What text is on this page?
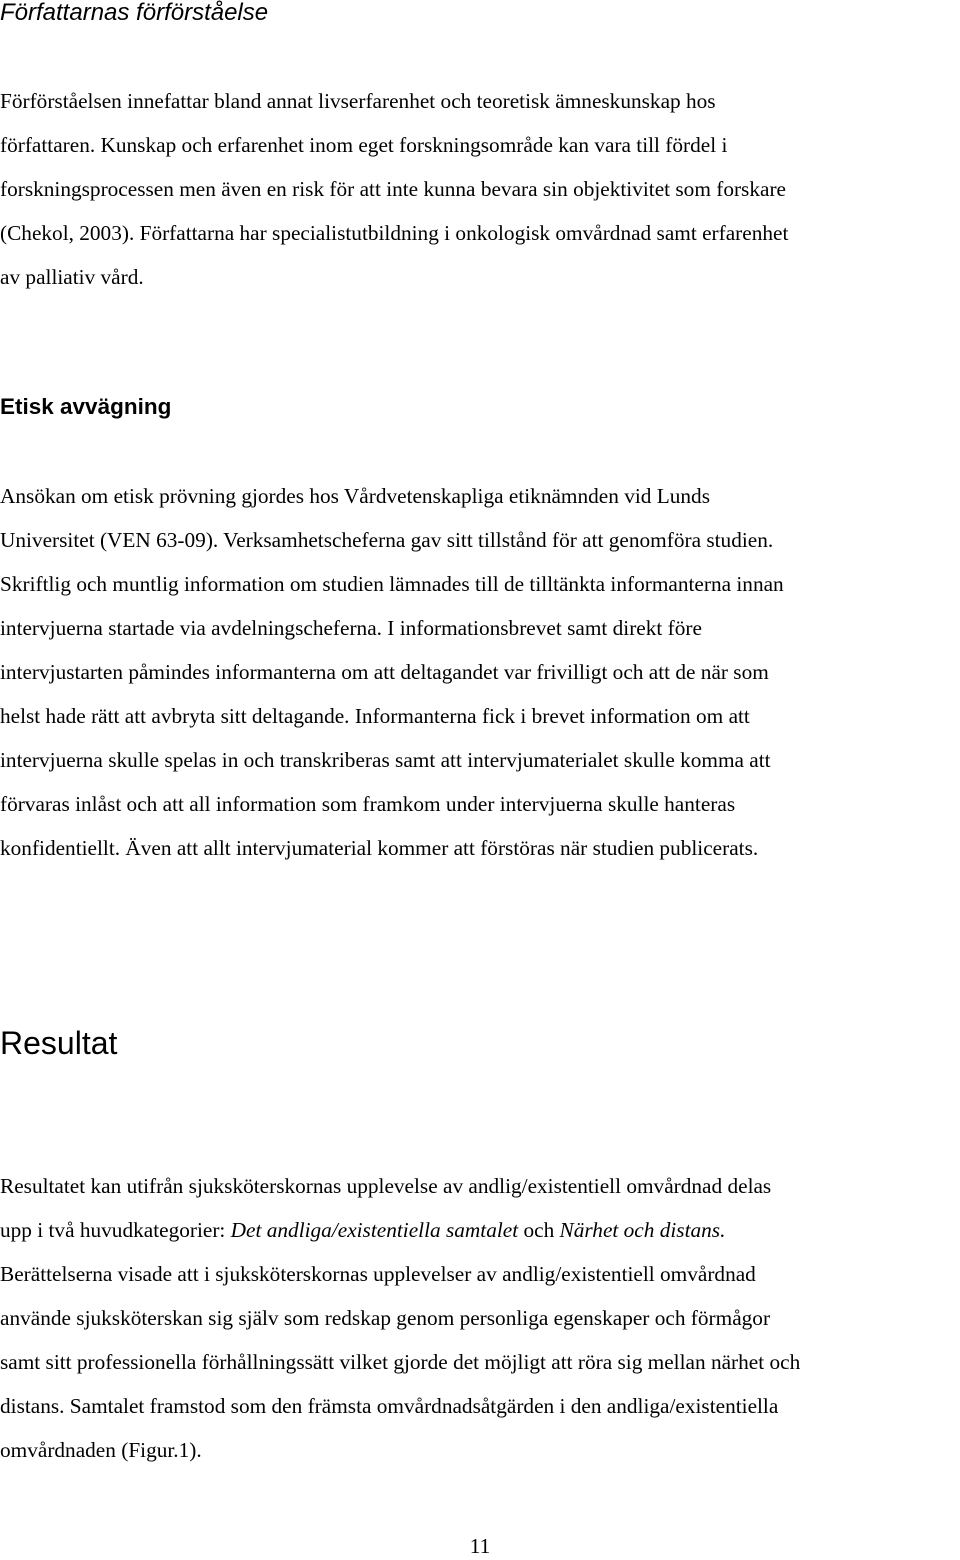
Författarnas förförståelse
Förförståelsen innefattar bland annat livserfarenhet och teoretisk ämneskunskap hos
författaren. Kunskap och erfarenhet inom eget forskningsområde kan vara till fördel i
forskningsprocessen men även en risk för att inte kunna bevara sin objektivitet som forskare
(Chekol, 2003). Författarna har specialistutbildning i onkologisk omvårdnad samt erfarenhet
av palliativ vård.
Etisk avvägning
Ansökan om etisk prövning gjordes hos Vårdvetenskapliga etiknämnden vid Lunds
Universitet (VEN 63-09). Verksamhetscheferna gav sitt tillstånd för att genomföra studien.
Skriftlig och muntlig information om studien lämnades till de tilltänkta informanterna innan
intervjuerna startade via avdelningscheferna. I informationsbrevet samt direkt före
intervjustarten påmindes informanterna om att deltagandet var frivilligt och att de när som
helst hade rätt att avbryta sitt deltagande. Informanterna fick i brevet information om att
intervjuerna skulle spelas in och transkriberas samt att intervjumaterialet skulle komma att
förvaras inlåst och att all information som framkom under intervjuerna skulle hanteras
konfidentiellt. Även att allt intervjumaterial kommer att förstöras när studien publicerats.
Resultat
Resultatet kan utifrån sjuksköterskornas upplevelse av andlig/existentiell omvårdnad delas
upp i två huvudkategorier: Det andliga/existentiella samtalet och Närhet och distans.
Berättelserna visade att i sjuksköterskornas upplevelser av andlig/existentiell omvårdnad
använde sjuksköterskan sig själv som redskap genom personliga egenskaper och förmågor
samt sitt professionella förhållningssätt vilket gjorde det möjligt att röra sig mellan närhet och
distans. Samtalet framstod som den främsta omvårdnadsåtgärden i den andliga/existentiella
omvårdnaden (Figur.1).
11
